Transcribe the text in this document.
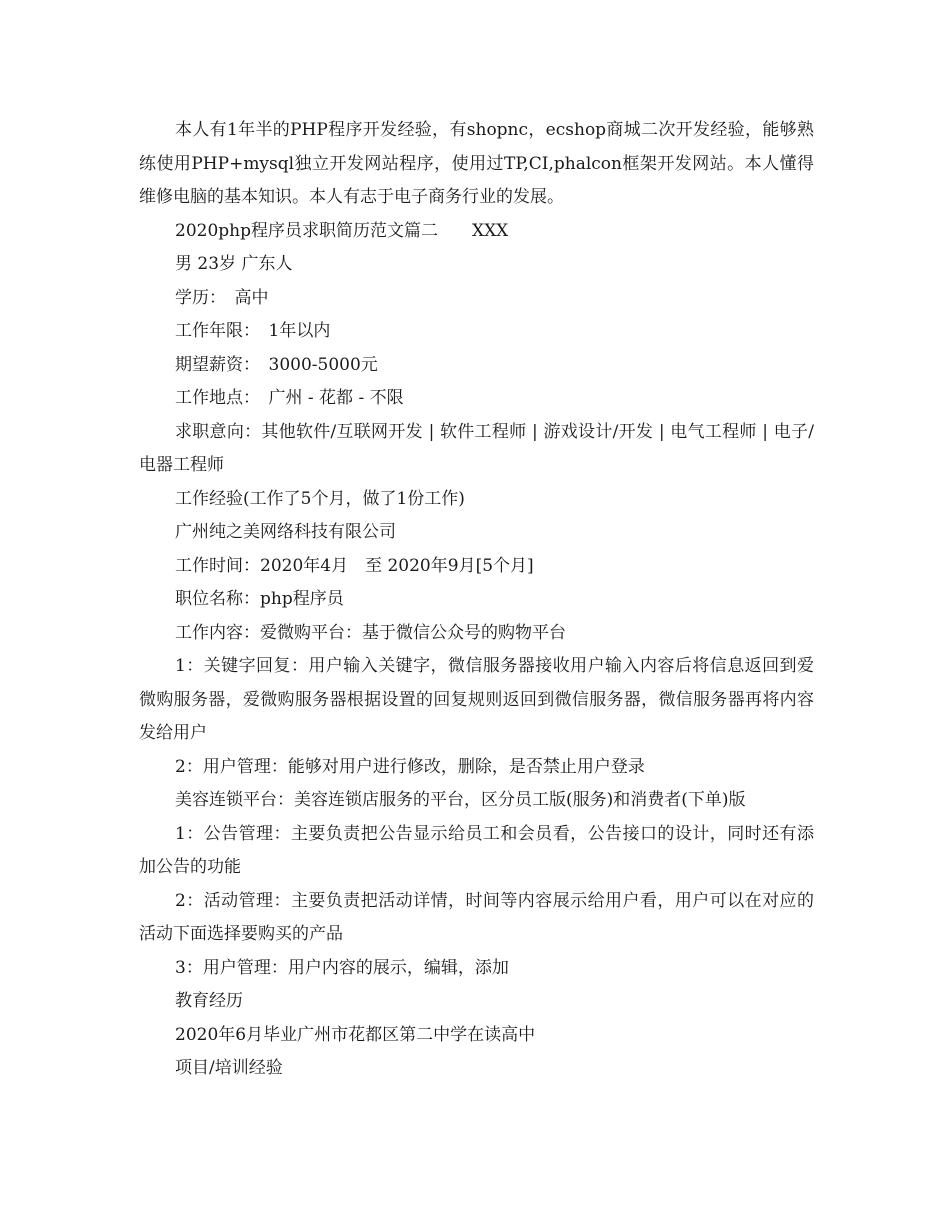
本人有1年半的PHP程序开发经验，有shopnc，ecshop商城二次开发经验，能够熟练使用PHP+mysql独立开发网站程序，使用过TP,CI,phalcon框架开发网站。本人懂得维修电脑的基本知识。本人有志于电子商务行业的发展。

2020php程序员求职简历范文篇二　　XXX

男 23岁 广东人

学历：　高中

工作年限：　1年以内

期望薪资：　3000-5000元

工作地点：　广州 - 花都 - 不限

求职意向：其他软件/互联网开发 | 软件工程师 | 游戏设计/开发 | 电气工程师 | 电子/电器工程师

工作经验(工作了5个月，做了1份工作)

广州纯之美网络科技有限公司

工作时间：2020年4月　至 2020年9月[5个月]

职位名称：php程序员

工作内容：爱微购平台：基于微信公众号的购物平台

1：关键字回复：用户输入关键字，微信服务器接收用户输入内容后将信息返回到爱微购服务器，爱微购服务器根据设置的回复规则返回到微信服务器，微信服务器再将内容发给用户

2：用户管理：能够对用户进行修改，删除，是否禁止用户登录

美容连锁平台：美容连锁店服务的平台，区分员工版(服务)和消费者(下单)版

1：公告管理：主要负责把公告显示给员工和会员看，公告接口的设计，同时还有添加公告的功能

2：活动管理：主要负责把活动详情，时间等内容展示给用户看，用户可以在对应的活动下面选择要购买的产品

3：用户管理：用户内容的展示，编辑，添加

教育经历

2020年6月毕业广州市花都区第二中学在读高中

项目/培训经验
